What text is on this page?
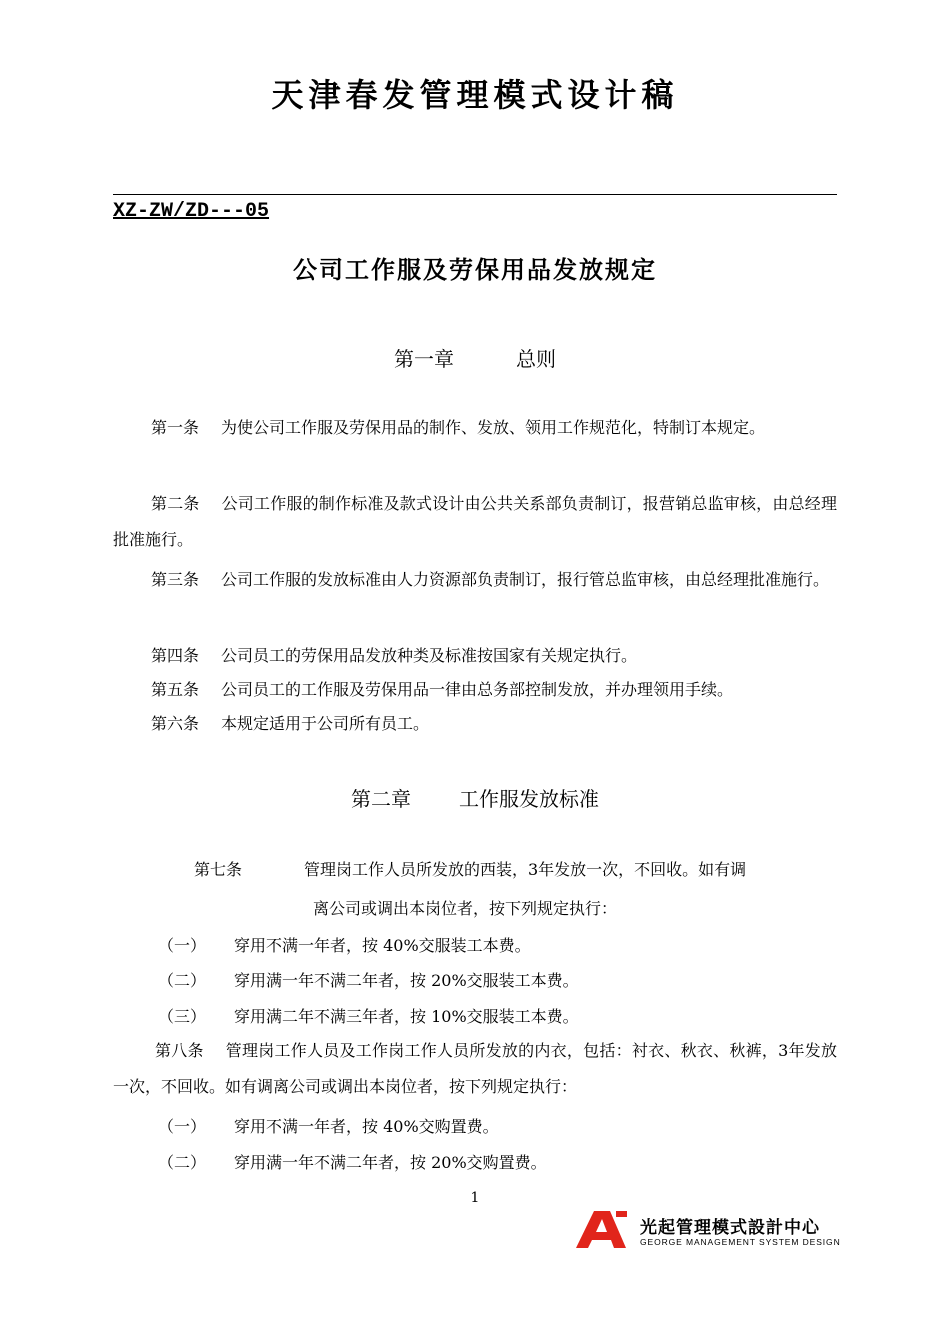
天津春发管理模式设计稿
XZ-ZW/ZD---05
公司工作服及劳保用品发放规定
第一章	总则
第一条 为使公司工作服及劳保用品的制作、发放、领用工作规范化，特制订本规定。
第二条 公司工作服的制作标准及款式设计由公共关系部负责制订，报营销总监审核，由总经理批准施行。
第三条 公司工作服的发放标准由人力资源部负责制订，报行管总监审核，由总经理批准施行。
第四条 公司员工的劳保用品发放种类及标准按国家有关规定执行。
第五条 公司员工的工作服及劳保用品一律由总务部控制发放，并办理领用手续。
第六条 本规定适用于公司所有员工。
第二章 工作服发放标准
第七条	管理岗工作人员所发放的西装，3年发放一次，不回收。如有调
离公司或调出本岗位者，按下列规定执行：
（一） 穿用不满一年者，按 40%交服装工本费。
（二） 穿用满一年不满二年者，按 20%交服装工本费。
（三） 穿用满二年不满三年者，按 10%交服装工本费。
第八条 管理岗工作人员及工作岗工作人员所发放的内衣，包括：衬衣、秋衣、秋裤，3年发放一次，不回收。如有调离公司或调出本岗位者，按下列规定执行：
（一） 穿用不满一年者，按 40%交购置费。
（二） 穿用满一年不满二年者，按 20%交购置费。
1
光起管理模式設計中心
GEORGE MANAGEMENT SYSTEM DESIGN
